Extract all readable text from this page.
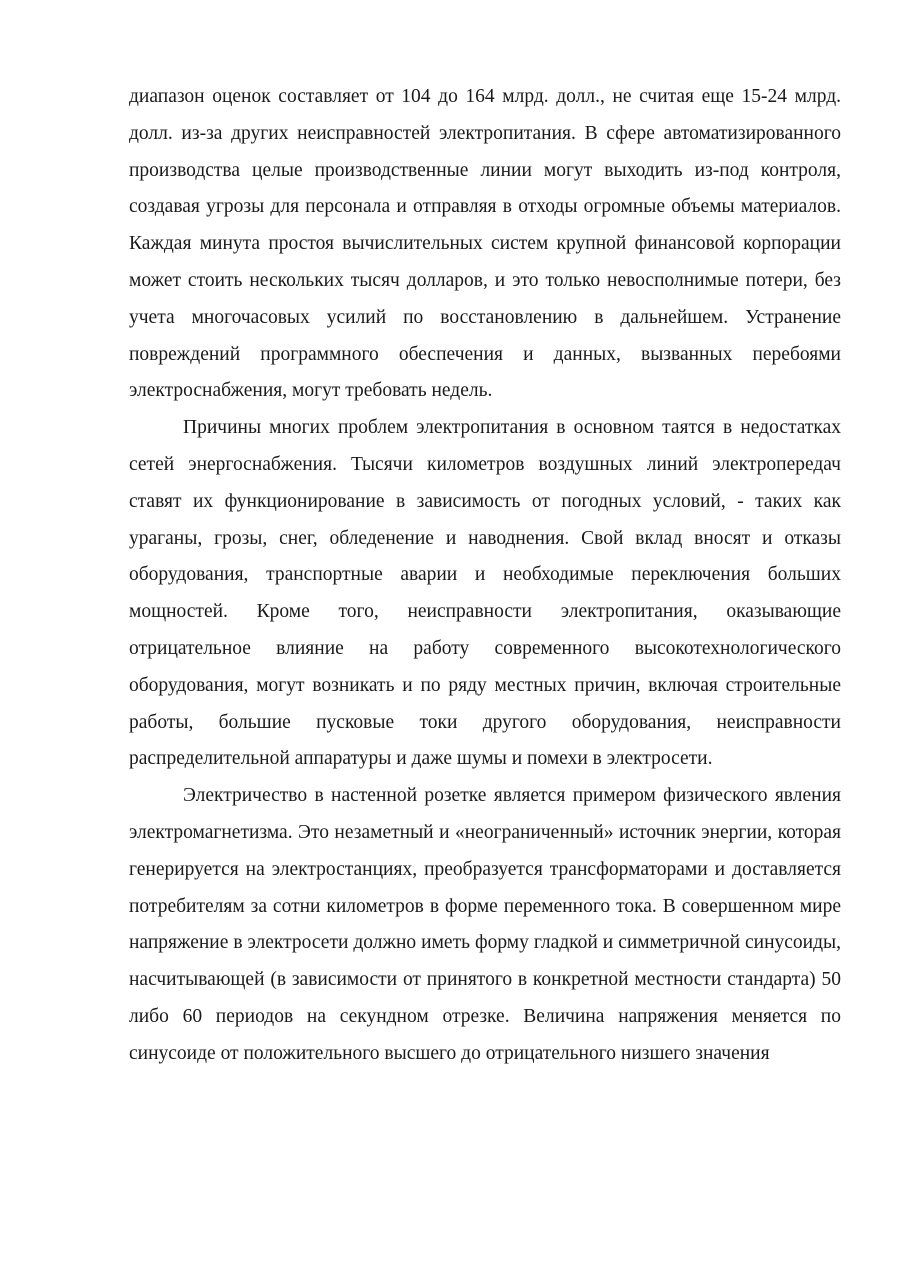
диапазон оценок составляет от 104 до 164 млрд. долл., не считая еще 15-24 млрд. долл. из-за других неисправностей электропитания. В сфере автоматизированного производства целые производственные линии могут выходить из-под контроля, создавая угрозы для персонала и отправляя в отходы огромные объемы материалов. Каждая минута простоя вычислительных систем крупной финансовой корпорации может стоить нескольких тысяч долларов, и это только невосполнимые потери, без учета многочасовых усилий по восстановлению в дальнейшем. Устранение повреждений программного обеспечения и данных, вызванных перебоями электроснабжения, могут требовать недель.

Причины многих проблем электропитания в основном таятся в недостатках сетей энергоснабжения. Тысячи километров воздушных линий электропередач ставят их функционирование в зависимость от погодных условий, - таких как ураганы, грозы, снег, обледенение и наводнения. Свой вклад вносят и отказы оборудования, транспортные аварии и необходимые переключения больших мощностей. Кроме того, неисправности электропитания, оказывающие отрицательное влияние на работу современного высокотехнологического оборудования, могут возникать и по ряду местных причин, включая строительные работы, большие пусковые токи другого оборудования, неисправности распределительной аппаратуры и даже шумы и помехи в электросети.

Электричество в настенной розетке является примером физического явления электромагнетизма. Это незаметный и «неограниченный» источник энергии, которая генерируется на электростанциях, преобразуется трансформаторами и доставляется потребителям за сотни километров в форме переменного тока. В совершенном мире напряжение в электросети должно иметь форму гладкой и симметричной синусоиды, насчитывающей (в зависимости от принятого в конкретной местности стандарта) 50 либо 60 периодов на секундном отрезке. Величина напряжения меняется по синусоиде от положительного высшего до отрицательного низшего значения
